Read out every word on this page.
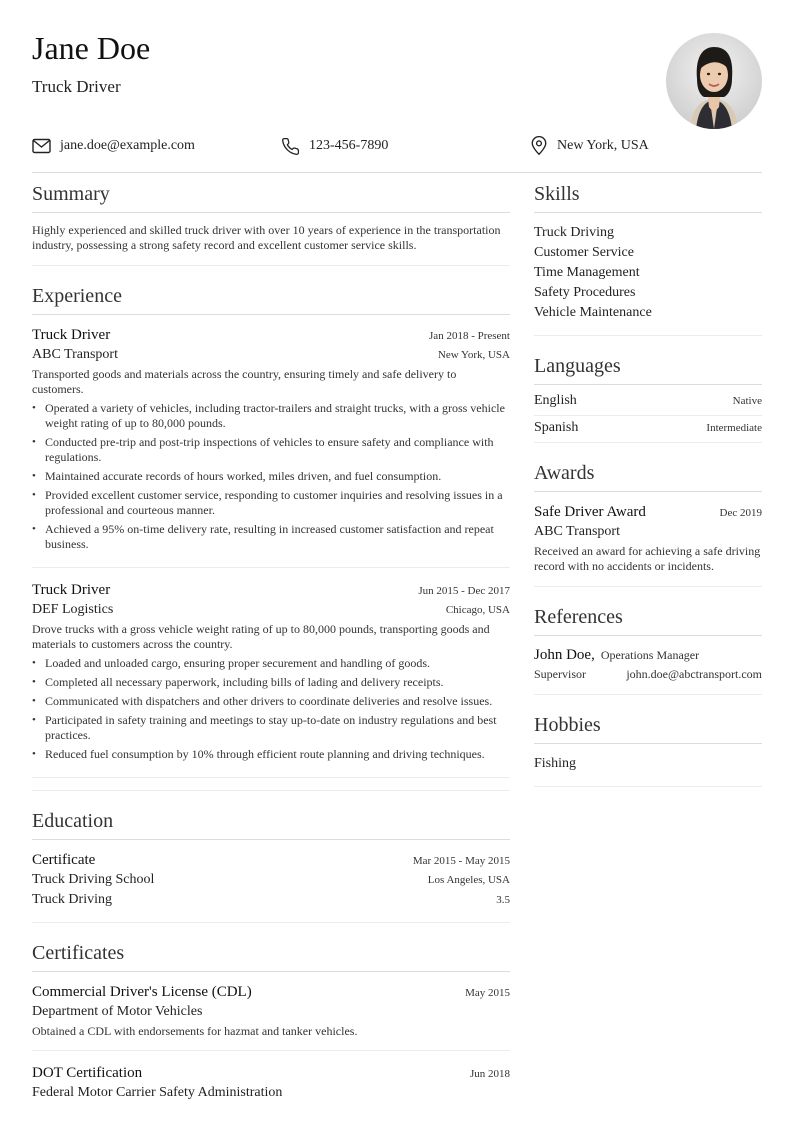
Jane Doe
Truck Driver
jane.doe@example.com	123-456-7890	New York, USA
Summary

Highly experienced and skilled truck driver with over 10 years of experience in the transportation industry, possessing a strong safety record and excellent customer service skills.

Experience
Truck Driver	Jan 2018 - Present
ABC Transport	New York, USA

Transported goods and materials across the country, ensuring timely and safe delivery to customers.

• Operated a variety of vehicles, including tractor-trailers and straight trucks, with a gross vehicle weight rating of up to 80,000 pounds.
• Conducted pre-trip and post-trip inspections of vehicles to ensure safety and compliance with regulations.
• Maintained accurate records of hours worked, miles driven, and fuel consumption.
• Provided excellent customer service, responding to customer inquiries and resolving issues in a professional and courteous manner.
• Achieved a 95% on-time delivery rate, resulting in increased customer satisfaction and repeat business.
Truck Driver	Jun 2015 - Dec 2017
DEF Logistics	Chicago, USA

Drove trucks with a gross vehicle weight rating of up to 80,000 pounds, transporting goods and materials to customers across the country.

• Loaded and unloaded cargo, ensuring proper securement and handling of goods.
• Completed all necessary paperwork, including bills of lading and delivery receipts.
• Communicated with dispatchers and other drivers to coordinate deliveries and resolve issues.
• Participated in safety training and meetings to stay up-to-date on industry regulations and best practices.
• Reduced fuel consumption by 10% through efficient route planning and driving techniques.
Education
Certificate	Mar 2015 - May 2015
Truck Driving School	Los Angeles, USA
Truck Driving	3.5
Certificates
Commercial Driver's License (CDL)	May 2015
Department of Motor Vehicles

Obtained a CDL with endorsements for hazmat and tanker vehicles.

DOT Certification	Jun 2018
Federal Motor Carrier Safety Administration
Skills
Truck Driving
Customer Service
Time Management
Safety Procedures
Vehicle Maintenance
Languages
English	Native
Spanish	Intermediate
Awards
Safe Driver Award	Dec 2019
ABC Transport

Received an award for achieving a safe driving record with no accidents or incidents.

References
John Doe, Operations Manager
Supervisor	john.doe@abctransport.com
Hobbies
Fishing
